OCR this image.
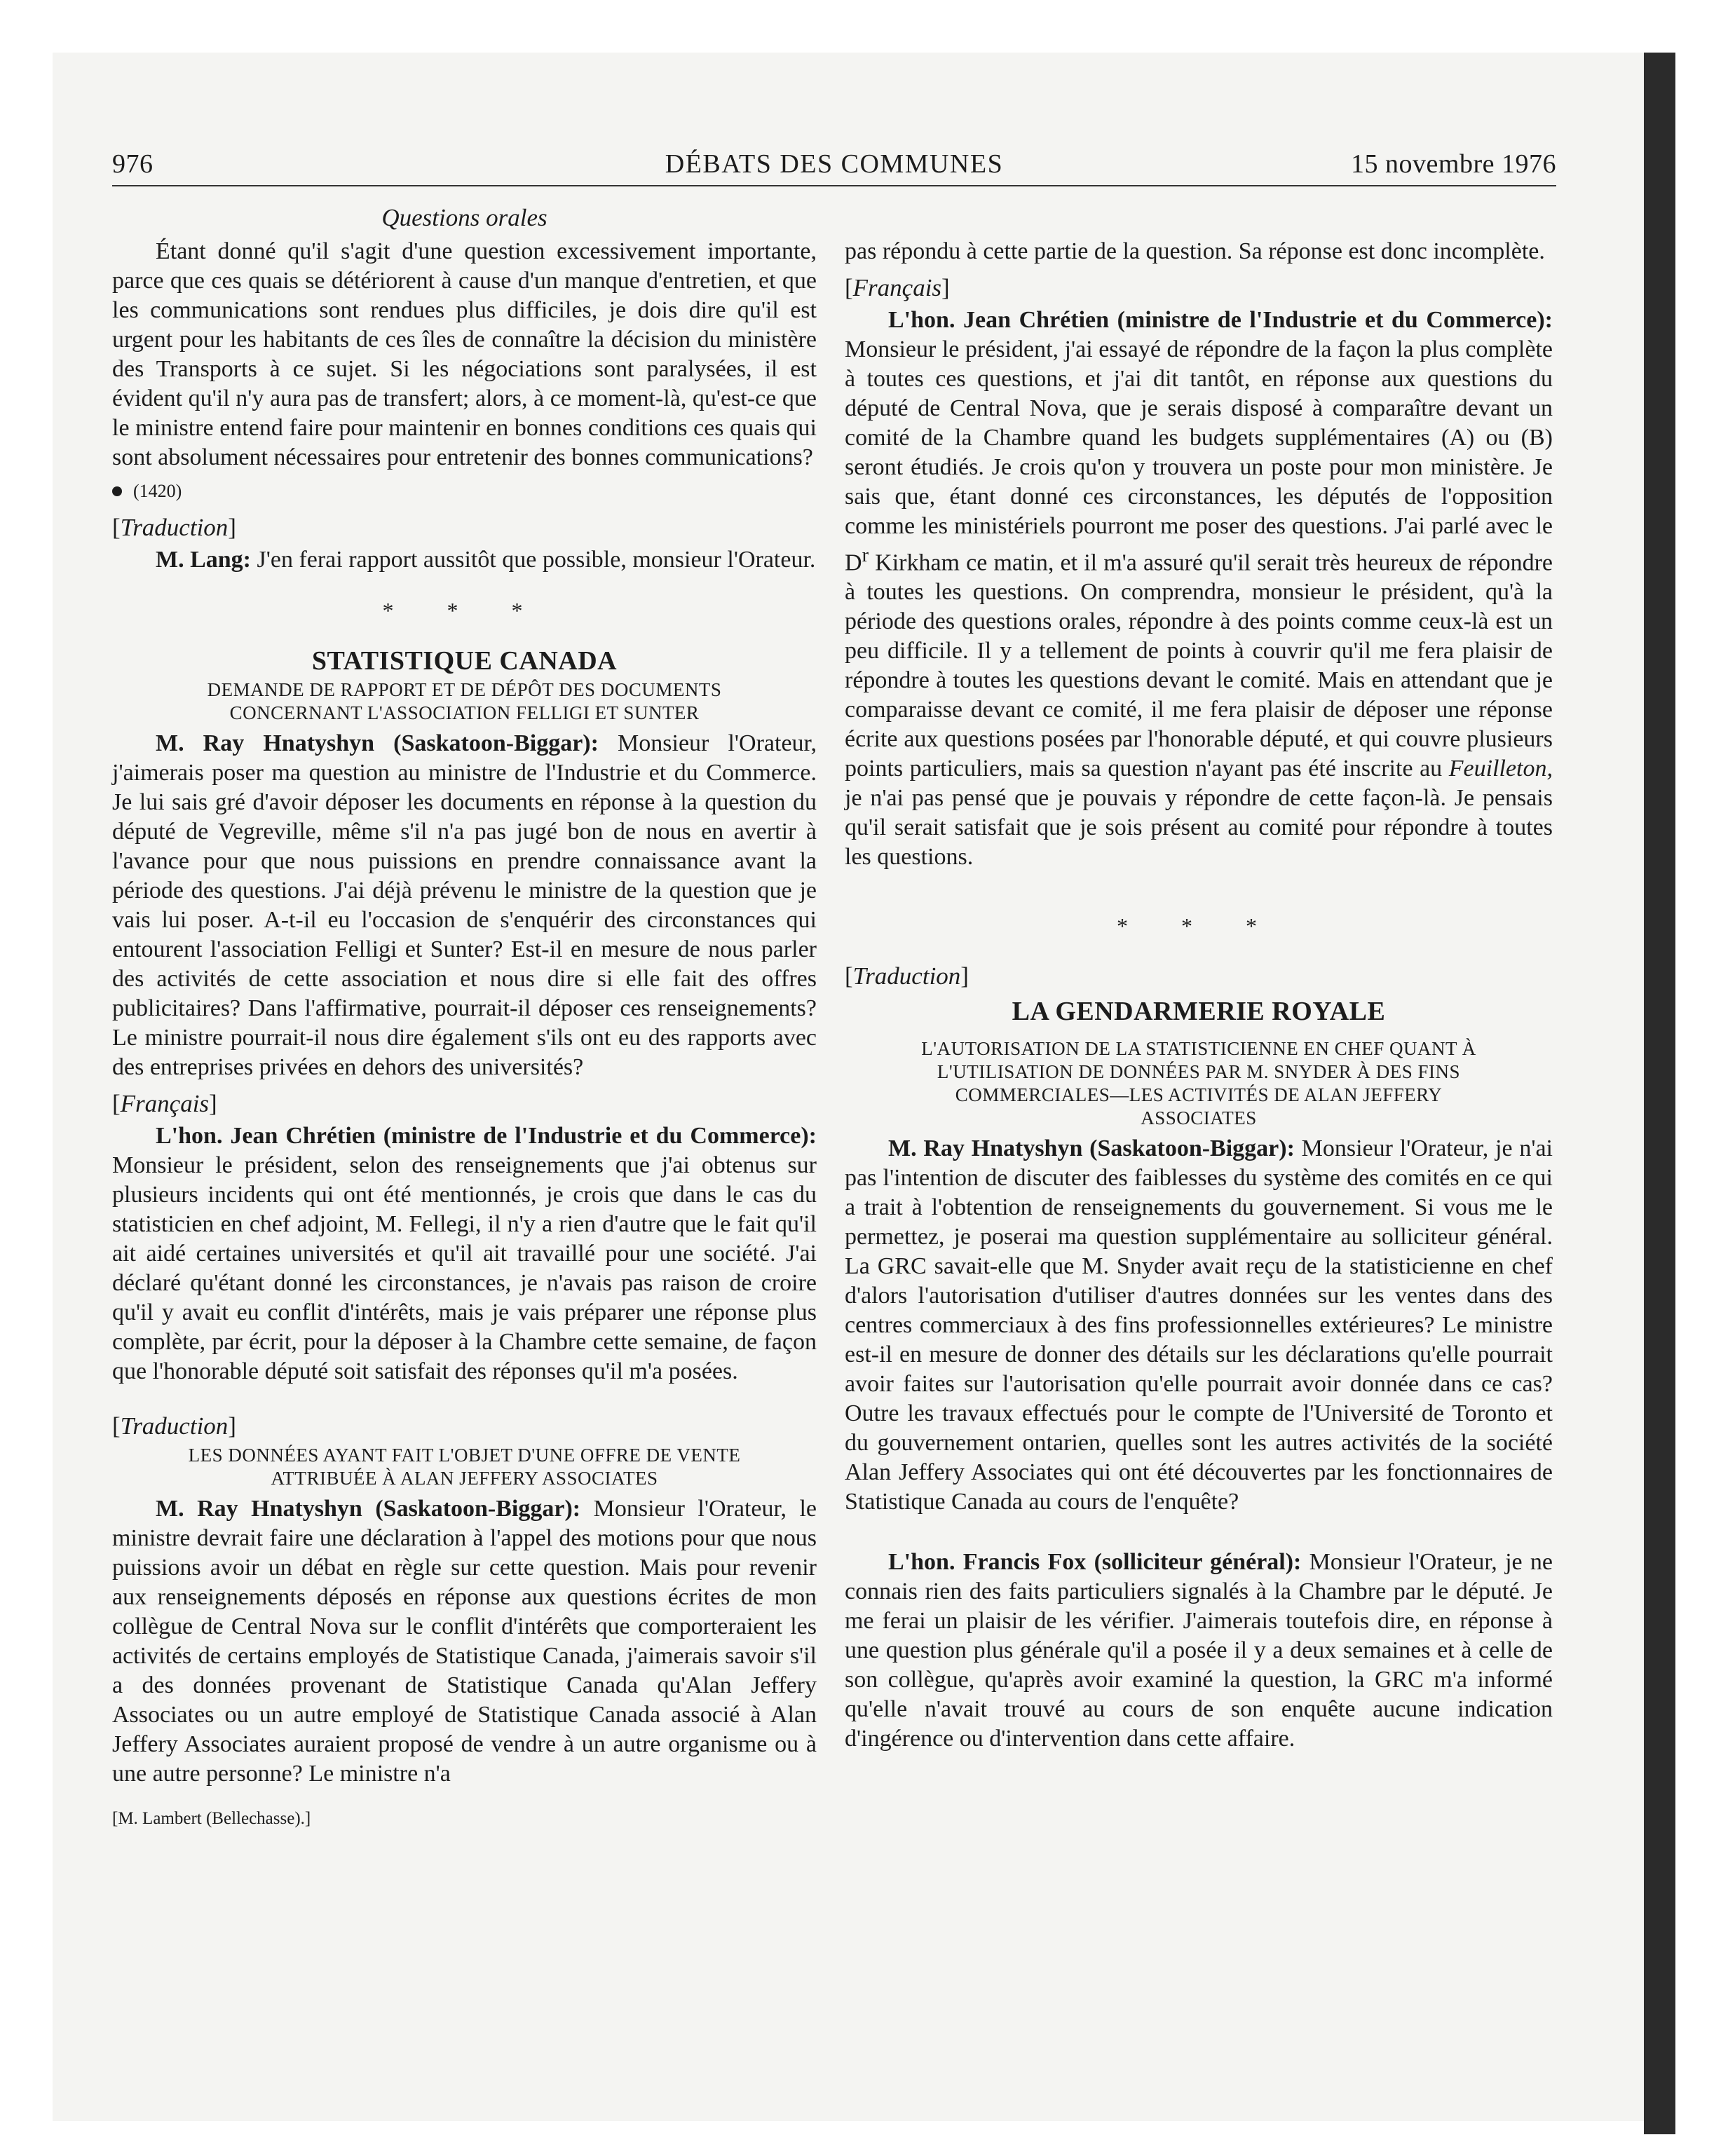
DÉBATS DES COMMUNES
976	15 novembre 1976
Questions orales

Étant donné qu'il s'agit d'une question excessivement importante, parce que ces quais se détériorent à cause d'un manque d'entretien, et que les communications sont rendues plus difficiles, je dois dire qu'il est urgent pour les habitants de ces îles de connaître la décision du ministère des Transports à ce sujet. Si les négociations sont paralysées, il est évident qu'il n'y aura pas de transfert; alors, à ce moment-là, qu'est-ce que le ministre entend faire pour maintenir en bonnes conditions ces quais qui sont absolument nécessaires pour entretenir des bonnes communications?

(1420)
[Traduction]

M. Lang: J'en ferai rapport aussitôt que possible, monsieur l'Orateur.

* * *
STATISTIQUE CANADA
DEMANDE DE RAPPORT ET DE DÉPÔT DES DOCUMENTS
CONCERNANT L'ASSOCIATION FELLIGI ET SUNTER

M. Ray Hnatyshyn (Saskatoon-Biggar): Monsieur l'Orateur, j'aimerais poser ma question au ministre de l'Industrie et du Commerce. Je lui sais gré d'avoir déposer les documents en réponse à la question du député de Vegreville, même s'il n'a pas jugé bon de nous en avertir à l'avance pour que nous puissions en prendre connaissance avant la période des questions. J'ai déjà prévenu le ministre de la question que je vais lui poser. A-t-il eu l'occasion de s'enquérir des circonstances qui entourent l'association Felligi et Sunter? Est-il en mesure de nous parler des activités de cette association et nous dire si elle fait des offres publicitaires? Dans l'affirmative, pourrait-il déposer ces renseignements? Le ministre pourrait-il nous dire également s'ils ont eu des rapports avec des entreprises privées en dehors des universités?

[Français]

L'hon. Jean Chrétien (ministre de l'Industrie et du Commerce): Monsieur le président, selon des renseignements que j'ai obtenus sur plusieurs incidents qui ont été mentionnés, je crois que dans le cas du statisticien en chef adjoint, M. Fellegi, il n'y a rien d'autre que le fait qu'il ait aidé certaines universités et qu'il ait travaillé pour une société. J'ai déclaré qu'étant donné les circonstances, je n'avais pas raison de croire qu'il y avait eu conflit d'intérêts, mais je vais préparer une réponse plus complète, par écrit, pour la déposer à la Chambre cette semaine, de façon que l'honorable député soit satisfait des réponses qu'il m'a posées.

[Traduction]
LES DONNÉES AYANT FAIT L'OBJET D'UNE OFFRE DE VENTE
ATTRIBUÉE À ALAN JEFFERY ASSOCIATES

M. Ray Hnatyshyn (Saskatoon-Biggar): Monsieur l'Orateur, le ministre devrait faire une déclaration à l'appel des motions pour que nous puissions avoir un débat en règle sur cette question. Mais pour revenir aux renseignements déposés en réponse aux questions écrites de mon collègue de Central Nova sur le conflit d'intérêts que comporteraient les activités de certains employés de Statistique Canada, j'aimerais savoir s'il a des données provenant de Statistique Canada qu'Alan Jeffery Associates ou un autre employé de Statistique Canada associé à Alan Jeffery Associates auraient proposé de vendre à un autre organisme ou à une autre personne? Le ministre n'a

[M. Lambert (Bellechasse).]

pas répondu à cette partie de la question. Sa réponse est donc incomplète.

[Français]

L'hon. Jean Chrétien (ministre de l'Industrie et du Commerce): Monsieur le président, j'ai essayé de répondre de la façon la plus complète à toutes ces questions, et j'ai dit tantôt, en réponse aux questions du député de Central Nova, que je serais disposé à comparaître devant un comité de la Chambre quand les budgets supplémentaires (A) ou (B) seront étudiés. Je crois qu'on y trouvera un poste pour mon ministère. Je sais que, étant donné ces circonstances, les députés de l'opposition comme les ministériels pourront me poser des questions. J'ai parlé avec le $D^r$ Kirkham ce matin, et il m'a assuré qu'il serait très heureux de répondre à toutes les questions. On comprendra, monsieur le président, qu'à la période des questions orales, répondre à des points comme ceux-là est un peu difficile. Il y a tellement de points à couvrir qu'il me fera plaisir de répondre à toutes les questions devant le comité. Mais en attendant que je comparaisse devant ce comité, il me fera plaisir de déposer une réponse écrite aux questions posées par l'honorable député, et qui couvre plusieurs points particuliers, mais sa question n'ayant pas été inscrite au Feuilleton, je n'ai pas pensé que je pouvais y répondre de cette façon-là. Je pensais qu'il serait satisfait que je sois présent au comité pour répondre à toutes les questions.

* * *
[Traduction]
LA GENDARMERIE ROYALE
L'AUTORISATION DE LA STATISTICIENNE EN CHEF QUANT À
L'UTILISATION DE DONNÉES PAR M. SNYDER À DES FINS
COMMERCIALES—LES ACTIVITÉS DE ALAN JEFFERY
ASSOCIATES

M. Ray Hnatyshyn (Saskatoon-Biggar): Monsieur l'Orateur, je n'ai pas l'intention de discuter des faiblesses du système des comités en ce qui a trait à l'obtention de renseignements du gouvernement. Si vous me le permettez, je poserai ma question supplémentaire au solliciteur général. La GRC savait-elle que M. Snyder avait reçu de la statisticienne en chef d'alors l'autorisation d'utiliser d'autres données sur les ventes dans des centres commerciaux à des fins professionnelles extérieures? Le ministre est-il en mesure de donner des détails sur les déclarations qu'elle pourrait avoir faites sur l'autorisation qu'elle pourrait avoir donnée dans ce cas? Outre les travaux effectués pour le compte de l'Université de Toronto et du gouvernement ontarien, quelles sont les autres activités de la société Alan Jeffery Associates qui ont été découvertes par les fonctionnaires de Statistique Canada au cours de l'enquête?

L'hon. Francis Fox (solliciteur général): Monsieur l'Orateur, je ne connais rien des faits particuliers signalés à la Chambre par le député. Je me ferai un plaisir de les vérifier. J'aimerais toutefois dire, en réponse à une question plus générale qu'il a posée il y a deux semaines et à celle de son collègue, qu'après avoir examiné la question, la GRC m'a informé qu'elle n'avait trouvé au cours de son enquête aucune indication d'ingérence ou d'intervention dans cette affaire.
